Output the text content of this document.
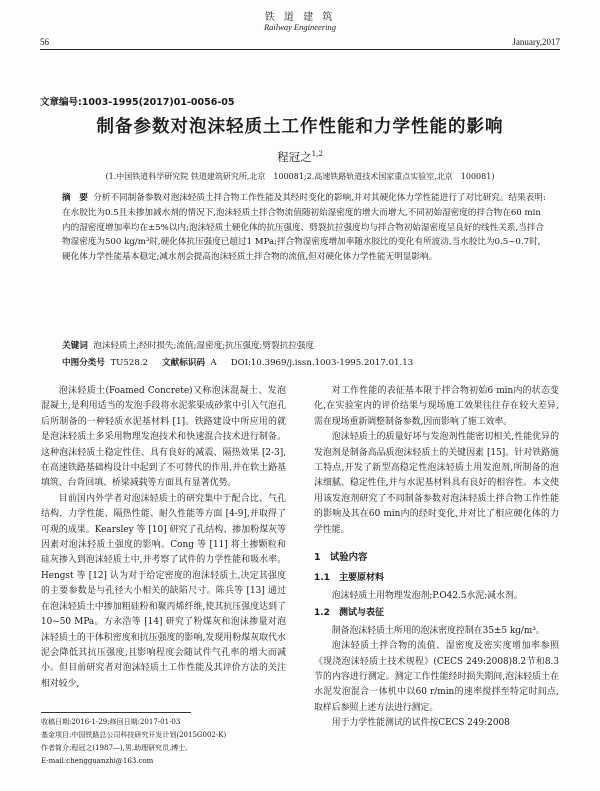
铁 道 建 筑
Railway Engineering
56	January,2017
文章编号:1003-1995(2017)01-0056-05
制备参数对泡沫轻质土工作性能和力学性能的影响
程冠之$^{1,2}$
(1.中国铁道科学研究院 铁道建筑研究所,北京　100081;2.高速铁路轨道技术国家重点实验室,北京　100081)
摘　要 分析不同制备参数对泡沫轻质土拌合物工作性能及其经时变化的影响,并对其硬化体力学性能进行了对比研究。结果表明:在水胶比为0.5且未掺加减水剂的情况下,泡沫轻质土拌合物流值随初始湿密度的增大而增大,不同初始湿密度的拌合物在60 min内的湿密度增加率均在±5%以内;泡沫轻质土硬化体的抗压强度、劈裂抗拉强度均与拌合物初始湿密度呈良好的线性关系,当拌合物湿密度为500 kg/m³时,硬化体抗压强度已超过1 MPa;拌合物湿密度增加率随水胶比的变化有所波动,当水胶比为0.5~0.7时,硬化体力学性能基本稳定;减水剂会提高泡沫轻质土拌合物的流值,但对硬化体力学性能无明显影响。
关键词 泡沫轻质土;经时损失;流值;湿密度;抗压强度;劈裂抗拉强度
中图分类号 TU528.2 文献标识码 A DOI:10.3969/j.issn.1003-1995.2017.01.13

泡沫轻质土(Foamed Concrete)又称泡沫混凝土、发泡混凝土,是利用适当的发泡手段将水泥浆渠成砂浆中引入气泡孔后所制备的一种轻质水泥基材料 [1]。铁路建设中所应用的就是泡沫轻质土多采用物理发泡技术和快速混合技术进行制备。这种泡沫轻质土稳定性佳、具有良好的减震、隔热效果 [2-3],在高速铁路基础构设计中起到了不可替代的作用,并在软土路基填筑、台背回填、桥梁减载等方面具有显著优势。

目前国内外学者对泡沫轻质土的研究集中于配合比、气孔结构、力学性能、隔热性能、耐久性能等方面 [4-9],并取得了可观的成果。Kearsley 等 [10] 研究了孔结构、掺加粉煤灰等因素对泡沫轻质土强度的影响。Cong 等 [11] 将土掺颗粒和硅灰掺入到泡沫轻质土中,并考察了试件的力学性能和吸水率。Hengst 等 [12] 认为对于给定密度的泡沫轻质土,决定其强度的主要参数是与孔径大小相关的缺陷尺寸。陈兵等 [13] 通过在泡沫轻质土中掺加粗硅粉和聚丙烯纤维,使其抗压强度达到了10~50 MPa。方永浩等 [14] 研究了粉煤灰和泡沫掺量对泡沫轻质土的干体积密度和抗压强度的影响,发现用粉煤灰取代水泥会降低其抗压强度,且影响程度会随试件气孔率的增大而减小。但目前研究者对泡沫轻质土工作性能及其评价方法的关注相对较少,

对工作性能的表征基本限于拌合物初始6 min内的状态变化,在实验室内的评价结果与现场施工效果往往存在较大差异,需在现场重新调整制备参数,因而影响了施工效率。

泡沫轻质土的质量好坏与发泡剂性能密切相关,性能优异的发泡剂是制备高品质泡沫轻质土的关键因素 [15]。针对铁路施工特点,开发了新型高稳定性泡沫轻质土用发泡剂,所制备的泡沫细腻、稳定性佳,并与水泥基材料具有良好的相容性。本文使用该发泡剂研究了不同制备参数对泡沫轻质土拌合物工作性能的影响及其在60 min内的经时变化,并对比了相应硬化体的力学性能。

1　试验内容
1.1　主要原材料

泡沫轻质土用物理发泡剂;P.O42.5水泥;减水剂。

1.2　测试与表征

制备泡沫轻质土所用的泡沫密度控制在35±5 kg/m³。

泡沫轻质土拌合物的流值、湿密度及密实度增加率参照《现浇泡沫轻质土技术规程》(CECS 249:2008)8.2节和8.3节的内容进行测定。测定工作性能经时损失期间,泡沫轻质土在水泥发泡混合一体机中以60 r/min的速率搅拌至特定时间点,取样后参照上述方法进行测定。

用于力学性能测试的试件按CECS 249:2008

收稿日期:2016-1-29;修回日期:2017-01-03
基金项目:中国铁路总公司科技研究开发计划(2015G002-K)
作者简介:程冠之(1987—),男,助理研究员,博士。
E-mail:chengguanzhi@163.com
